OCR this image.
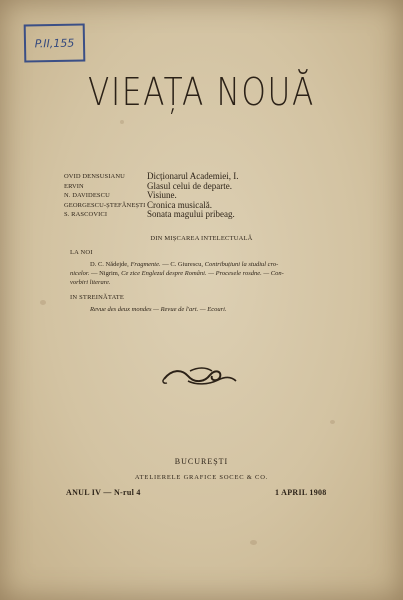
P.II,155
VIEAȚA NOUĂ
OVID DENSUSIANU	Dicționarul Academiei, I.
ERVIN	Glasul celui de departe.
N. DAVIDESCU	Visiune.
GEORGESCU-ȘTEFĂNEȘTI Cronica musicală.
S. RASCOVICI	Sonata magului pribeag.
DIN MIȘCAREA INTELECTUALĂ
LA NOI
D. C. Nădejde, Fragmente. — C. Giurescu, Contribuțiuni la studiul cro-
nicelor. — Nigrim, Ce zice Englezul despre Români. — Procesele rosdne. — Con-
vorbiri literare.
IN STREINĂTATE
Revue des deux mondes — Revue de l'art. — Ecouri.
BUCUREȘTI
ATELIERELE GRAFICE SOCEC & CO.
ANUL IV — N-rul 4	1 APRIL 1908
